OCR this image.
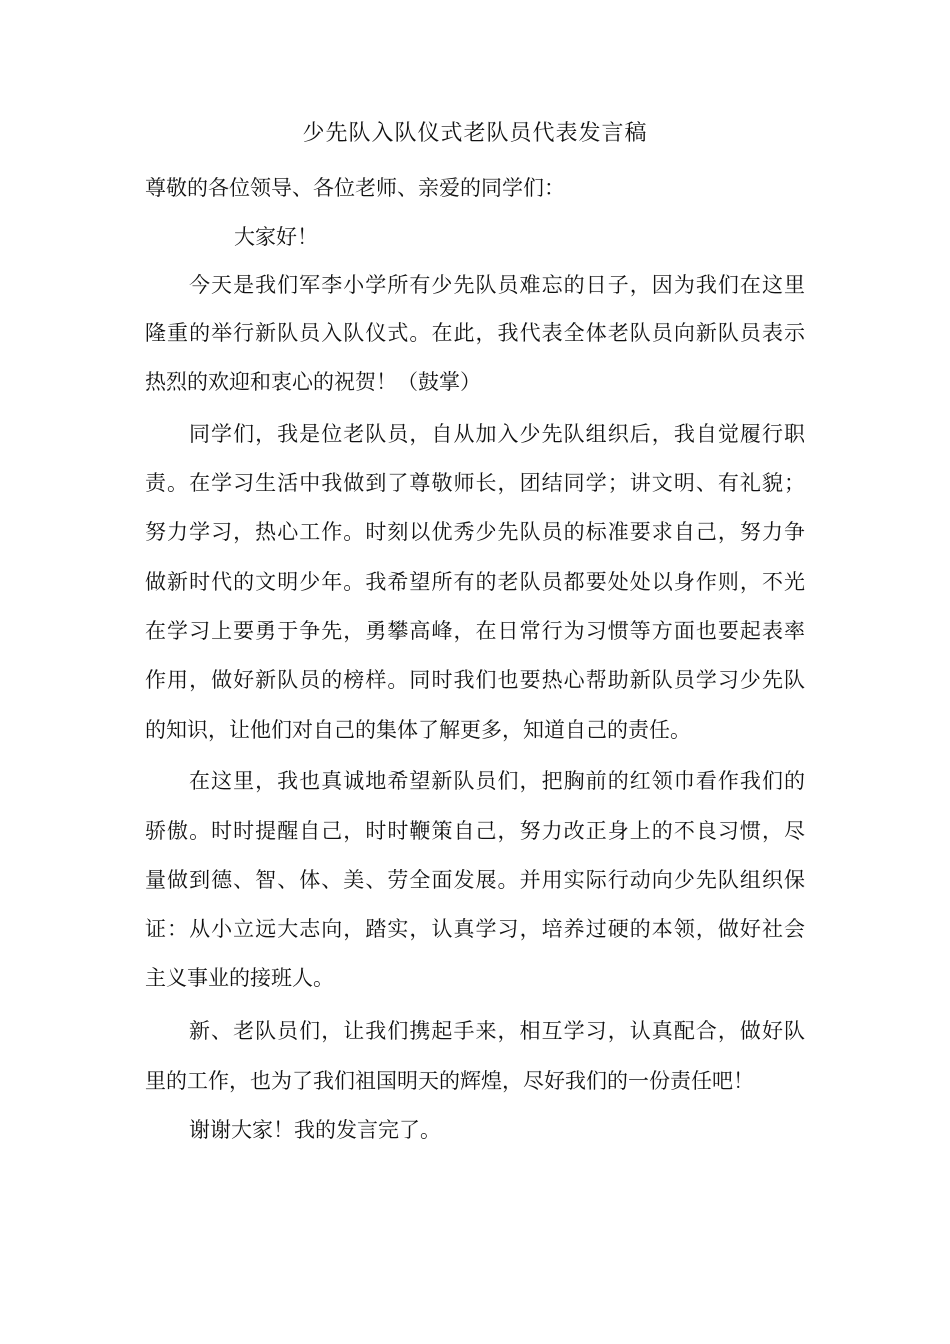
少先队入队仪式老队员代表发言稿
尊敬的各位领导、各位老师、亲爱的同学们：
大家好！
今天是我们军李小学所有少先队员难忘的日子，因为我们在这里
隆重的举行新队员入队仪式。在此，我代表全体老队员向新队员表示
热烈的欢迎和衷心的祝贺！（鼓掌）
同学们，我是位老队员，自从加入少先队组织后，我自觉履行职
责。在学习生活中我做到了尊敬师长，团结同学；讲文明、有礼貌；
努力学习，热心工作。时刻以优秀少先队员的标准要求自己，努力争
做新时代的文明少年。我希望所有的老队员都要处处以身作则，不光
在学习上要勇于争先，勇攀高峰，在日常行为习惯等方面也要起表率
作用，做好新队员的榜样。同时我们也要热心帮助新队员学习少先队
的知识，让他们对自己的集体了解更多，知道自己的责任。
在这里，我也真诚地希望新队员们，把胸前的红领巾看作我们的
骄傲。时时提醒自己，时时鞭策自己，努力改正身上的不良习惯，尽
量做到德、智、体、美、劳全面发展。并用实际行动向少先队组织保
证：从小立远大志向，踏实，认真学习，培养过硬的本领，做好社会
主义事业的接班人。
新、老队员们，让我们携起手来，相互学习，认真配合，做好队
里的工作，也为了我们祖国明天的辉煌，尽好我们的一份责任吧！
谢谢大家！我的发言完了。
